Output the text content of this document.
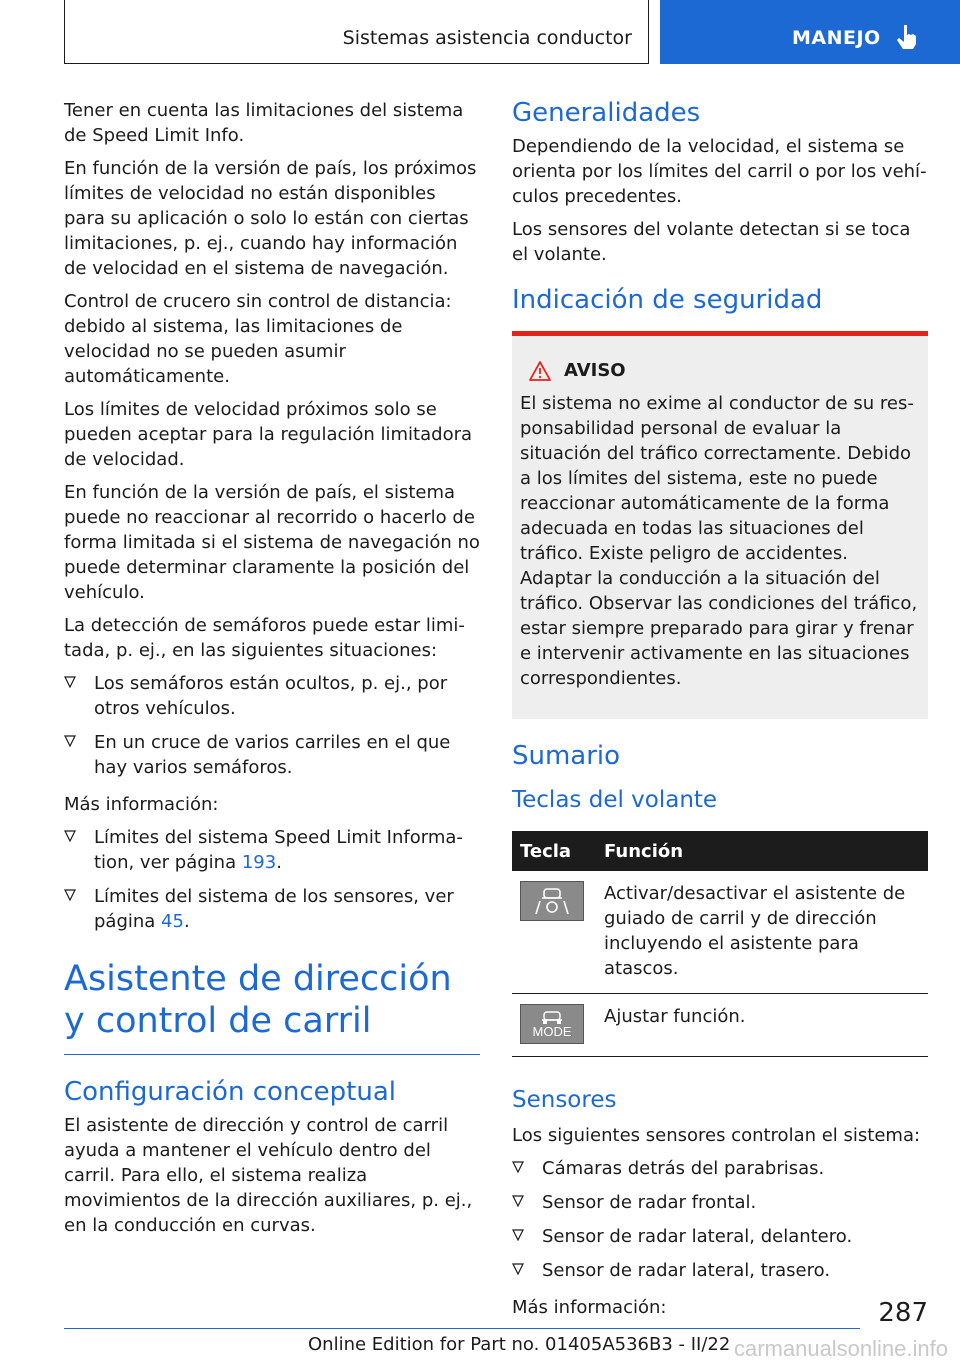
Sistemas asistencia conductor	MANEJO

Tener en cuenta las limitaciones del sistema de Speed Limit Info.

En función de la versión de país, los próximos límites de velocidad no están disponibles para su aplicación o solo lo están con ciertas limitaciones, p. ej., cuando hay información de velocidad en el sistema de navegación.

Control de crucero sin control de distancia: debido al sistema, las limitaciones de velocidad no se pueden asumir automáticamente.

Los límites de velocidad próximos solo se pueden aceptar para la regulación limitadora de velocidad.

En función de la versión de país, el sistema puede no reaccionar al recorrido o hacerlo de forma limitada si el sistema de navegación no puede determinar claramente la posición del vehículo.

La detección de semáforos puede estar limitada, p. ej., en las siguientes situaciones:

Los semáforos están ocultos, p. ej., por otros vehículos.
En un cruce de varios carriles en el que hay varios semáforos.

Más información:

Límites del sistema Speed Limit Information, ver página 193.
Límites del sistema de los sensores, ver página 45.
Asistente de dirección y control de carril
Configuración conceptual

El asistente de dirección y control de carril ayuda a mantener el vehículo dentro del carril. Para ello, el sistema realiza movimientos de la dirección auxiliares, p. ej., en la conducción en curvas.

Generalidades

Dependiendo de la velocidad, el sistema se orienta por los límites del carril o por los vehículos precedentes.

Los sensores del volante detectan si se toca el volante.

Indicación de seguridad
AVISO

El sistema no exime al conductor de su responsabilidad personal de evaluar la situación del tráfico correctamente. Debido a los límites del sistema, este no puede reaccionar automáticamente de la forma adecuada en todas las situaciones del tráfico. Existe peligro de accidentes. Adaptar la conducción a la situación del tráfico. Observar las condiciones del tráfico, estar siempre preparado para girar y frenar e intervenir activamente en las situaciones correspondientes.

Sumario
Teclas del volante
Tecla	Función

	Activar/desactivar el asistente de guiado de carril y de dirección incluyendo el asistente para atascos.

MODE	Ajustar función.
Sensores

Los siguientes sensores controlan el sistema:

Cámaras detrás del parabrisas.
Sensor de radar frontal.
Sensor de radar lateral, delantero.
Sensor de radar lateral, trasero.

Más información:	287
Online Edition for Part no. 01405A536B3 - II/22 carmanualsonline.info
